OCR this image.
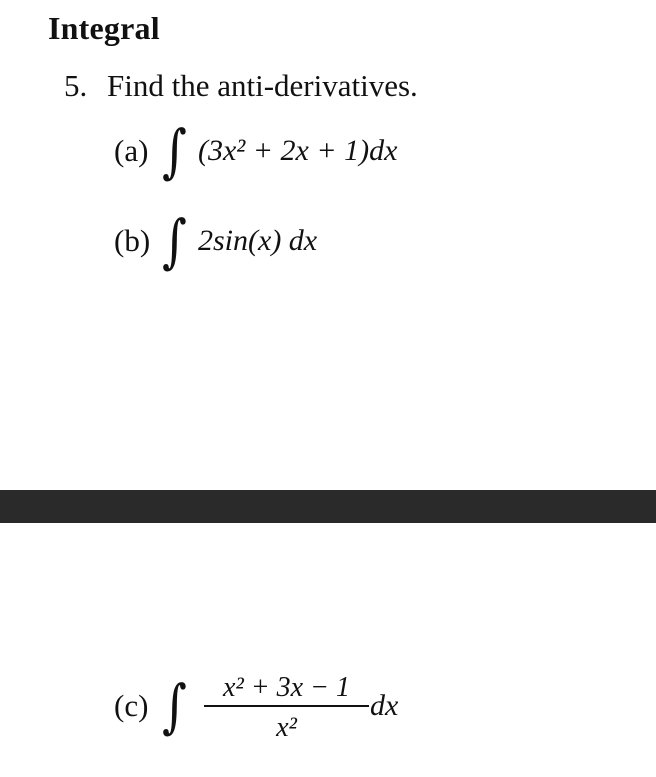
Integral
5. Find the anti-derivatives.
(a) ∫ (3x² + 2x + 1)dx
(b) ∫ 2sin(x) dx
(c) ∫	x² + 3x − 1
x²
dx
